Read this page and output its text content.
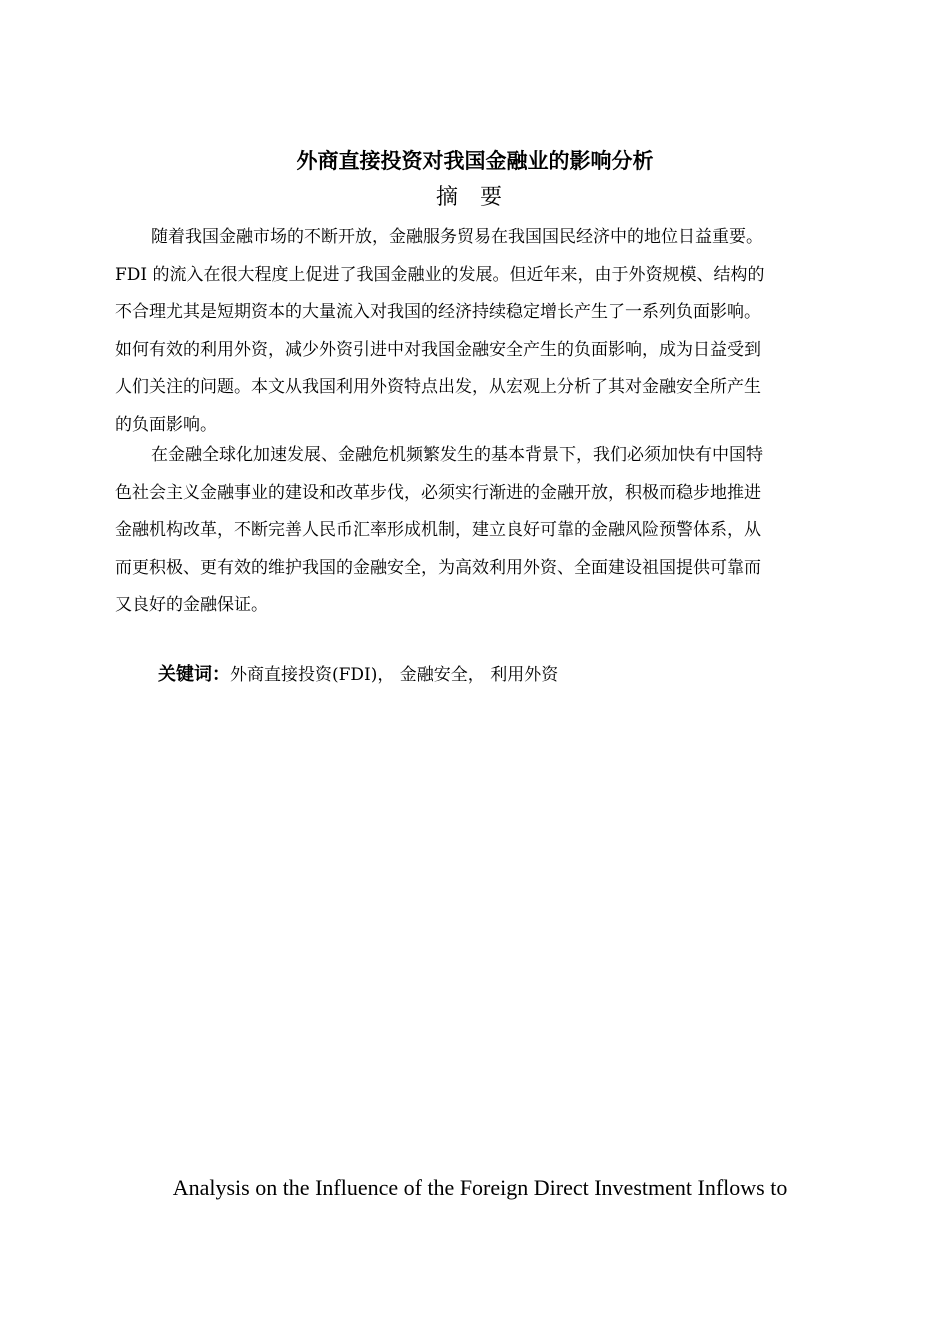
外商直接投资对我国金融业的影响分析
摘要
随着我国金融市场的不断开放，金融服务贸易在我国国民经济中的地位日益重要。
FDI 的流入在很大程度上促进了我国金融业的发展。但近年来，由于外资规模、结构的
不合理尤其是短期资本的大量流入对我国的经济持续稳定增长产生了一系列负面影响。
如何有效的利用外资，减少外资引进中对我国金融安全产生的负面影响，成为日益受到
人们关注的问题。本文从我国利用外资特点出发，从宏观上分析了其对金融安全所产生
的负面影响。
在金融全球化加速发展、金融危机频繁发生的基本背景下，我们必须加快有中国特
色社会主义金融事业的建设和改革步伐，必须实行渐进的金融开放，积极而稳步地推进
金融机构改革，不断完善人民币汇率形成机制，建立良好可靠的金融风险预警体系，从
而更积极、更有效的维护我国的金融安全，为高效利用外资、全面建设祖国提供可靠而
又良好的金融保证。
关键词：外商直接投资(FDI)， 金融安全， 利用外资
Analysis on the Influence of the Foreign Direct Investment Inflows to
